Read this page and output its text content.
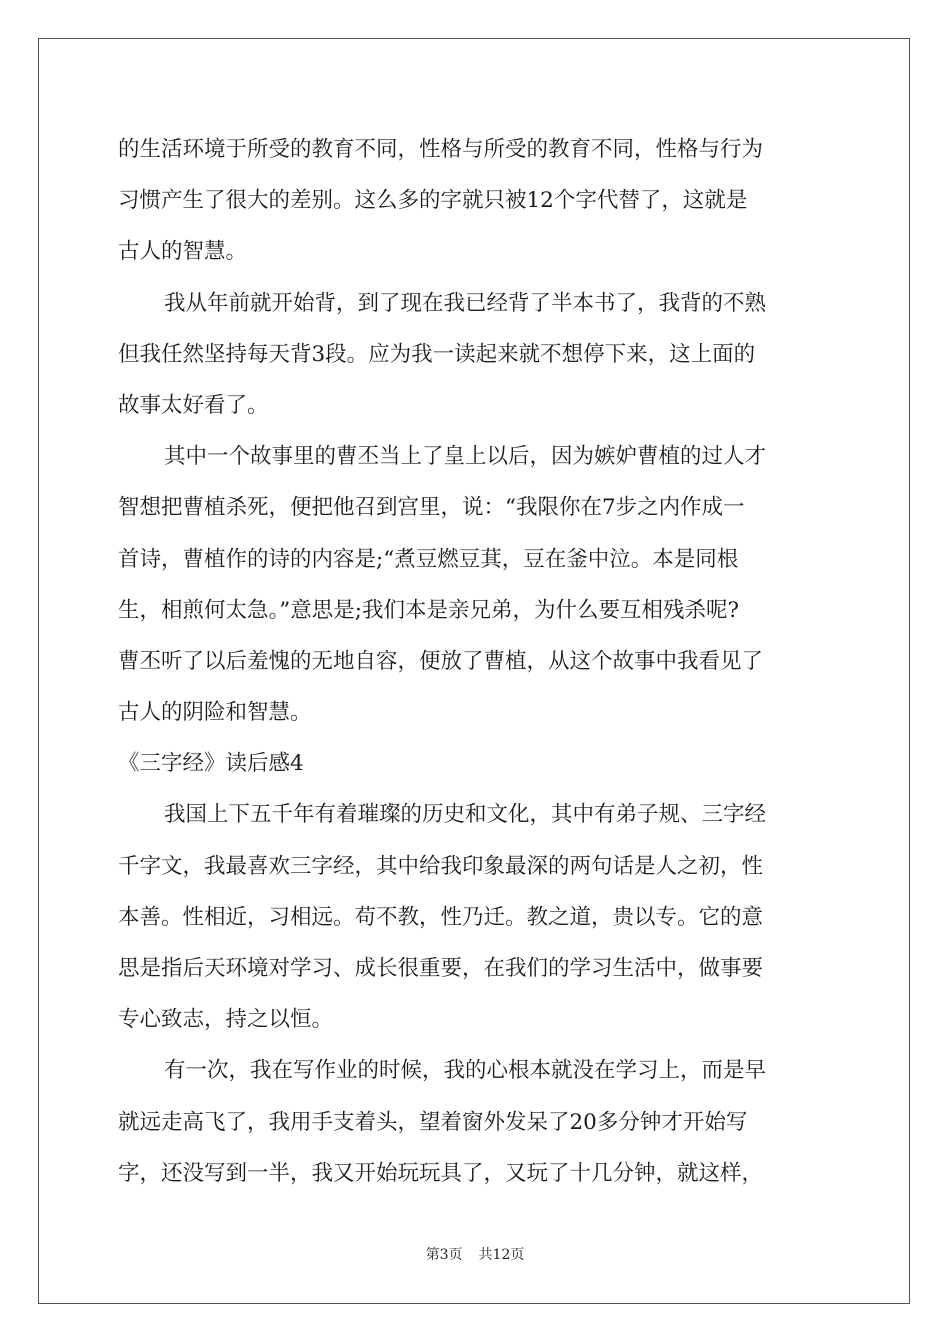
的生活环境于所受的教育不同，性格与所受的教育不同，性格与行为
习惯产生了很大的差别。这么多的字就只被12个字代替了，这就是
古人的智慧。
我从年前就开始背，到了现在我已经背了半本书了，我背的不熟
但我任然坚持每天背3段。应为我一读起来就不想停下来，这上面的
故事太好看了。
其中一个故事里的曹丕当上了皇上以后，因为嫉妒曹植的过人才
智想把曹植杀死，便把他召到宫里，说：“我限你在7步之内作成一
首诗，曹植作的诗的内容是;“煮豆燃豆萁，豆在釜中泣。本是同根
生，相煎何太急。”意思是;我们本是亲兄弟，为什么要互相残杀呢?
曹丕听了以后羞愧的无地自容，便放了曹植，从这个故事中我看见了
古人的阴险和智慧。
《三字经》读后感4
我国上下五千年有着璀璨的历史和文化，其中有弟子规、三字经
千字文，我最喜欢三字经，其中给我印象最深的两句话是人之初，性
本善。性相近，习相远。苟不教，性乃迁。教之道，贵以专。它的意
思是指后天环境对学习、成长很重要，在我们的学习生活中，做事要
专心致志，持之以恒。
有一次，我在写作业的时候，我的心根本就没在学习上，而是早
就远走高飞了，我用手支着头，望着窗外发呆了20多分钟才开始写
字，还没写到一半，我又开始玩玩具了，又玩了十几分钟，就这样，
第3页 共12页
